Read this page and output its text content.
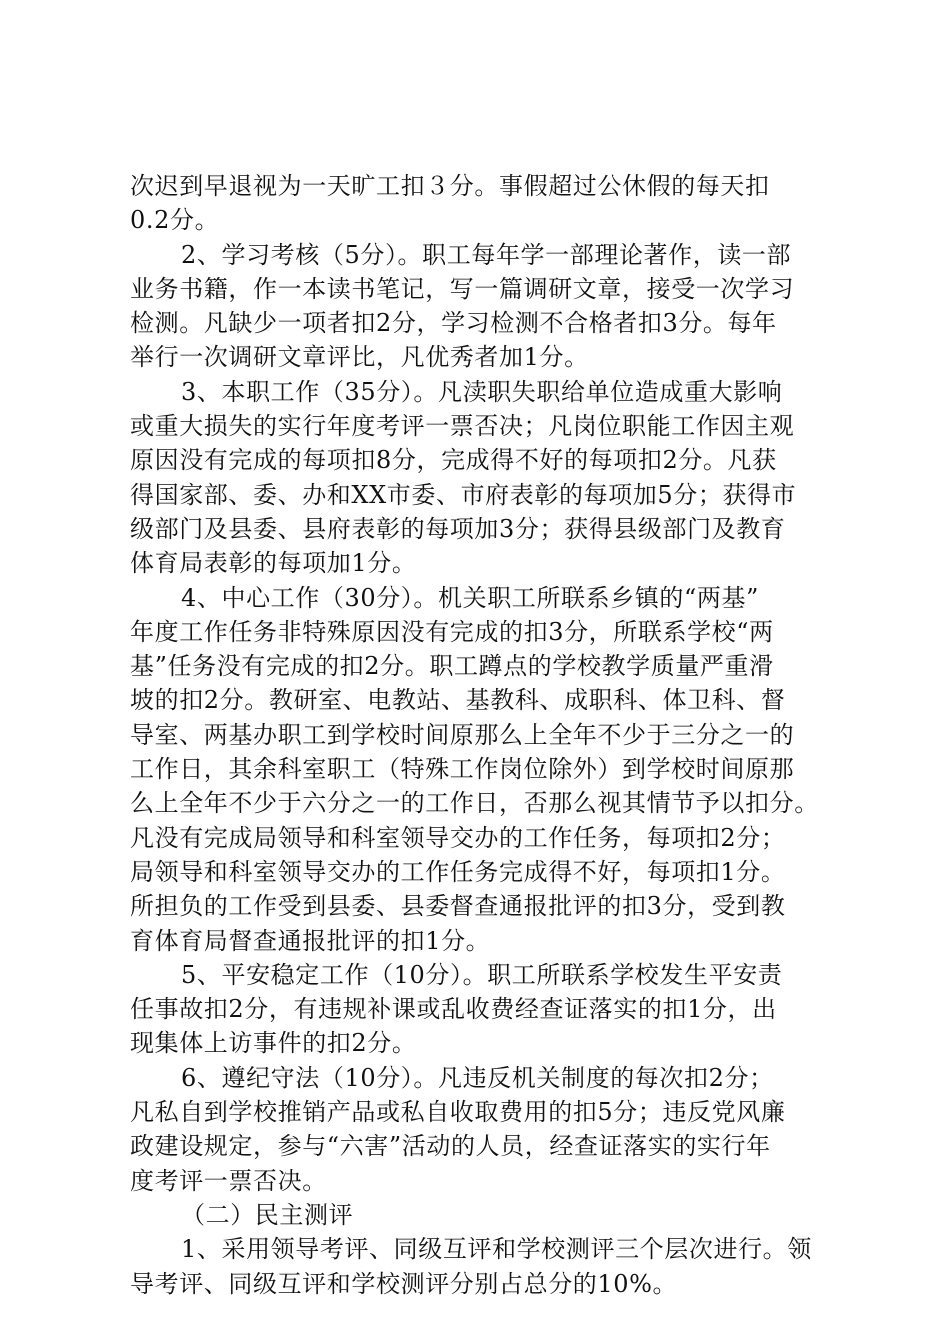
次迟到早退视为一天旷工扣３分。事假超过公休假的每天扣
0.2分。
2、学习考核（5分）。职工每年学一部理论著作，读一部
业务书籍，作一本读书笔记，写一篇调研文章，接受一次学习
检测。凡缺少一项者扣2分，学习检测不合格者扣3分。每年
举行一次调研文章评比，凡优秀者加1分。
3、本职工作（35分）。凡渎职失职给单位造成重大影响
或重大损失的实行年度考评一票否决；凡岗位职能工作因主观
原因没有完成的每项扣8分，完成得不好的每项扣2分。凡获
得国家部、委、办和XX市委、市府表彰的每项加5分；获得市
级部门及县委、县府表彰的每项加3分；获得县级部门及教育
体育局表彰的每项加1分。
4、中心工作（30分）。机关职工所联系乡镇的“两基”
年度工作任务非特殊原因没有完成的扣3分，所联系学校“两
基”任务没有完成的扣2分。职工蹲点的学校教学质量严重滑
坡的扣2分。教研室、电教站、基教科、成职科、体卫科、督
导室、两基办职工到学校时间原那么上全年不少于三分之一的
工作日，其余科室职工（特殊工作岗位除外）到学校时间原那
么上全年不少于六分之一的工作日，否那么视其情节予以扣分。
凡没有完成局领导和科室领导交办的工作任务，每项扣2分；
局领导和科室领导交办的工作任务完成得不好，每项扣1分。
所担负的工作受到县委、县委督查通报批评的扣3分，受到教
育体育局督查通报批评的扣1分。
5、平安稳定工作（10分）。职工所联系学校发生平安责
任事故扣2分，有违规补课或乱收费经查证落实的扣1分，出
现集体上访事件的扣2分。
6、遵纪守法（10分）。凡违反机关制度的每次扣2分；
凡私自到学校推销产品或私自收取费用的扣5分；违反党风廉
政建设规定，参与“六害”活动的人员，经查证落实的实行年
度考评一票否决。
（二）民主测评
1、采用领导考评、同级互评和学校测评三个层次进行。领
导考评、同级互评和学校测评分别占总分的10%。
